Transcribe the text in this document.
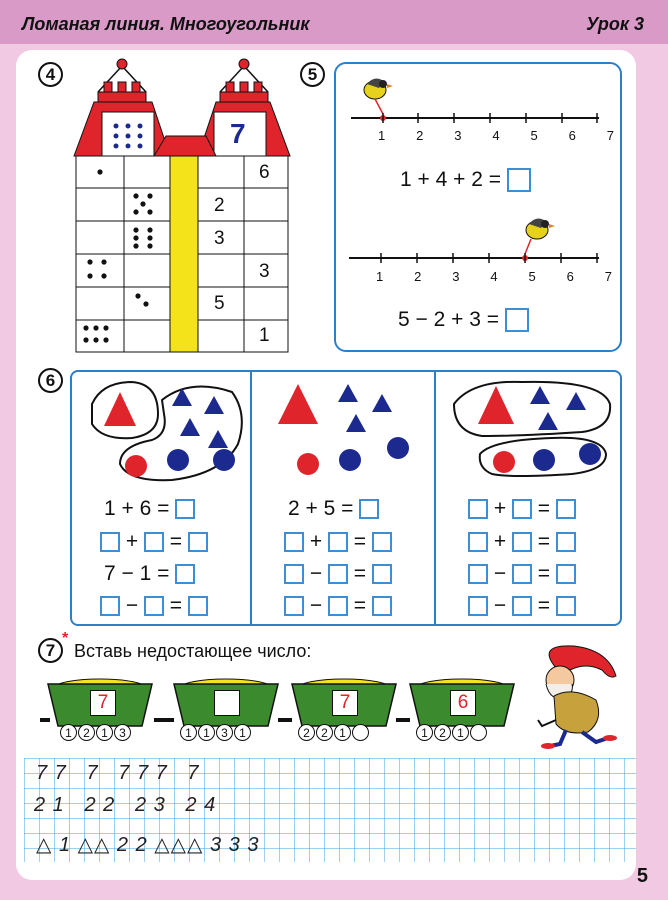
Ломаная линия. Многоугольник	Урок 3
4
7
6
2
3
3
5
1
5
1 2 3 4 5 6 7
1 + 4 + 2 =
1 2 3 4 5 6 7
5 − 2 + 3 =
6
1 + 6 =
+ =
7 − 1 =
− =
2 + 5 =
+ =
− =
− =
+ =
+ =
− =
− =
7
*
Вставь недостающее число:
7	7	6
1 2 1 3	1 1 3 1	2 2 1	1 2 1
7 7   7   7 7 7   7
2 1   2 2   2 3   2 4
△ 1 △△ 2 2 △△△ 3 3 3
5
